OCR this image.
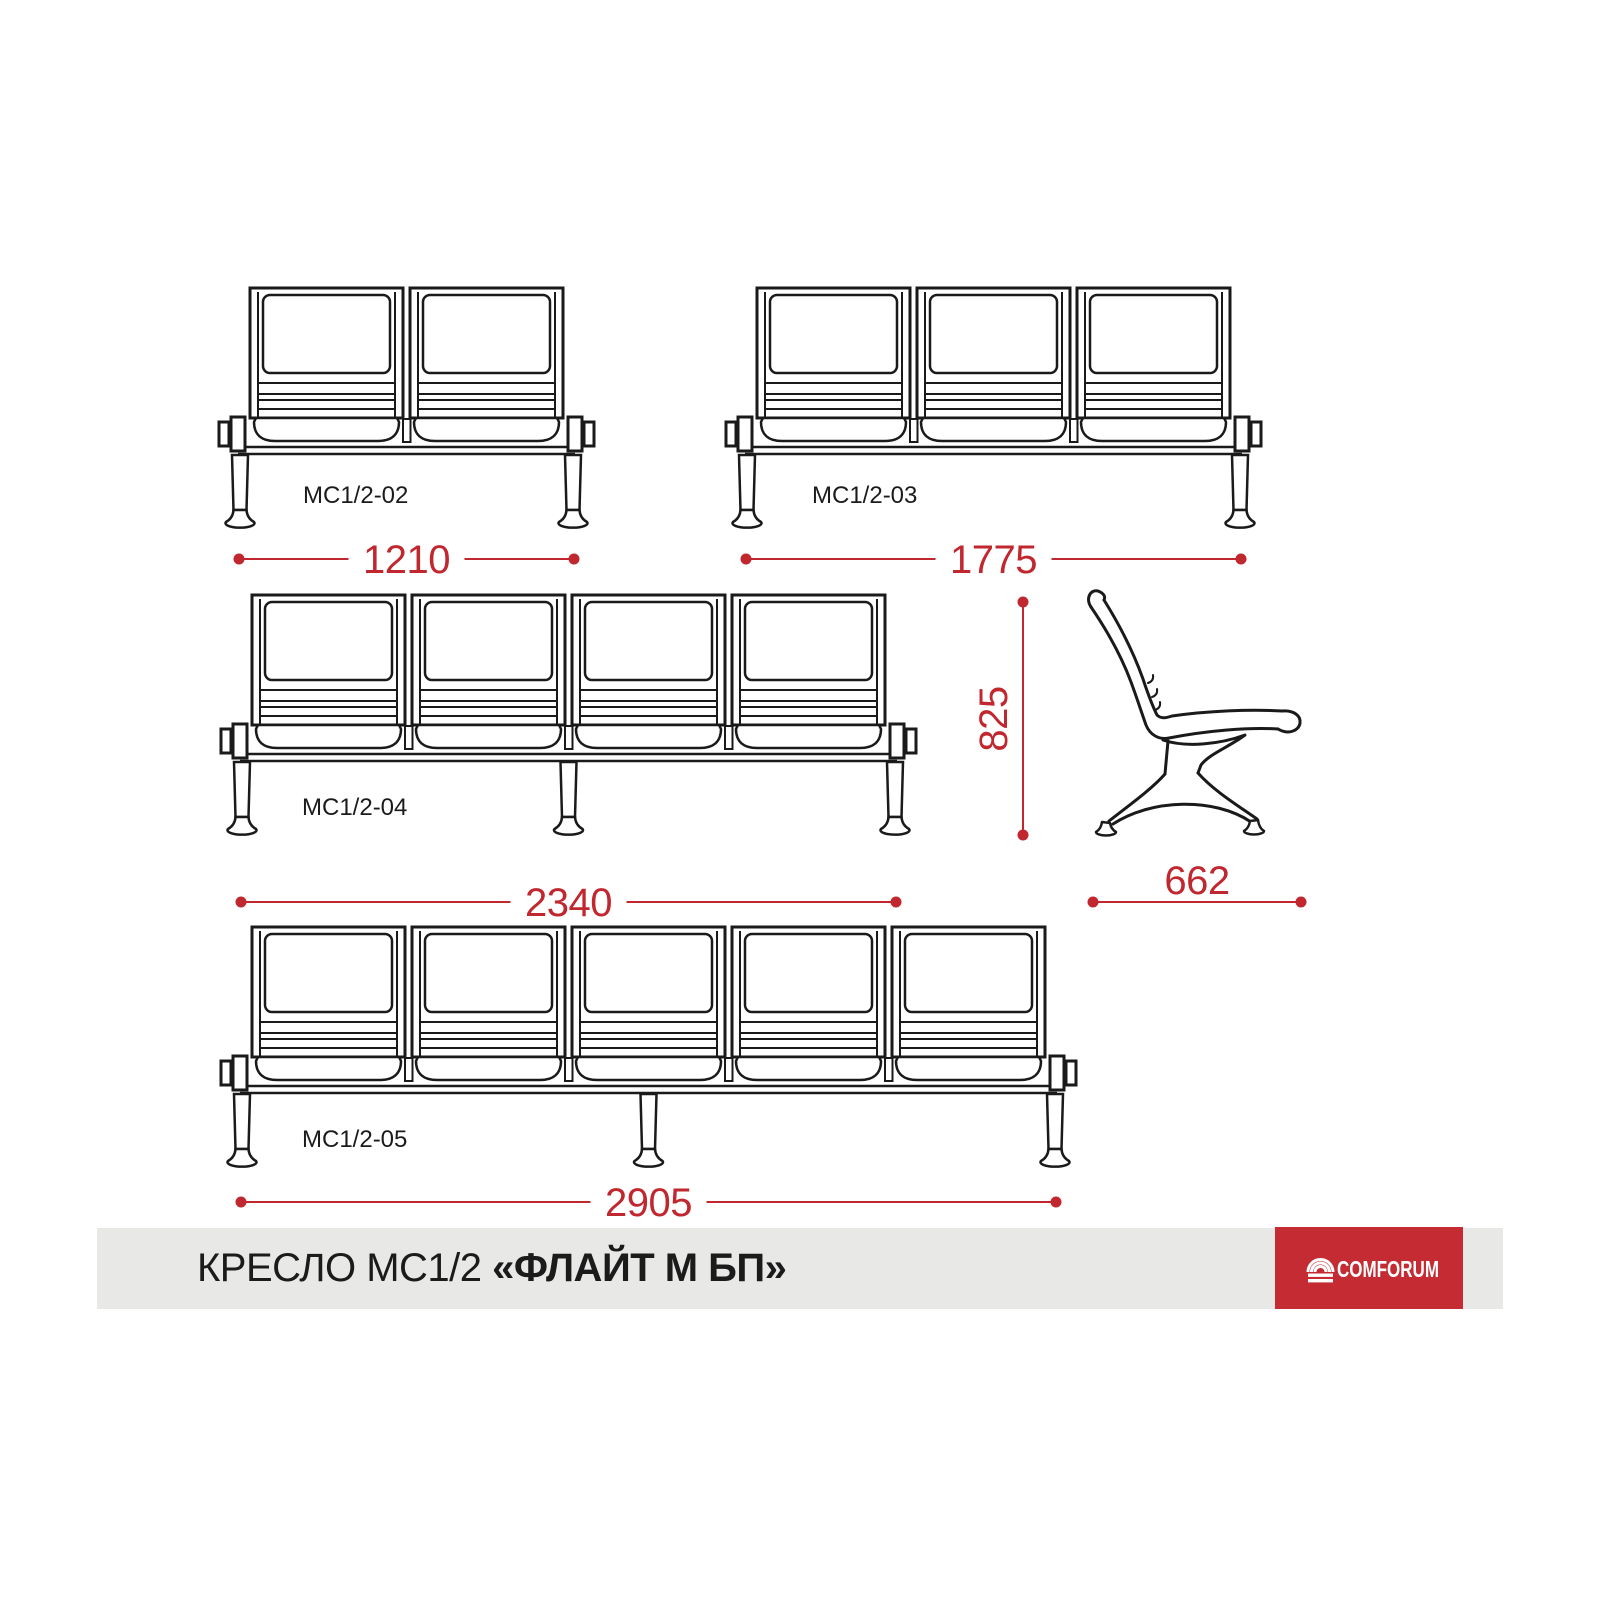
МС1/2-02
1210
МС1/2-03
1775
МС1/2-04
2340
МС1/2-05
2905
825
662
КРЕСЛО МС1/2 «ФЛАЙТ М БП»	COMFORUM
